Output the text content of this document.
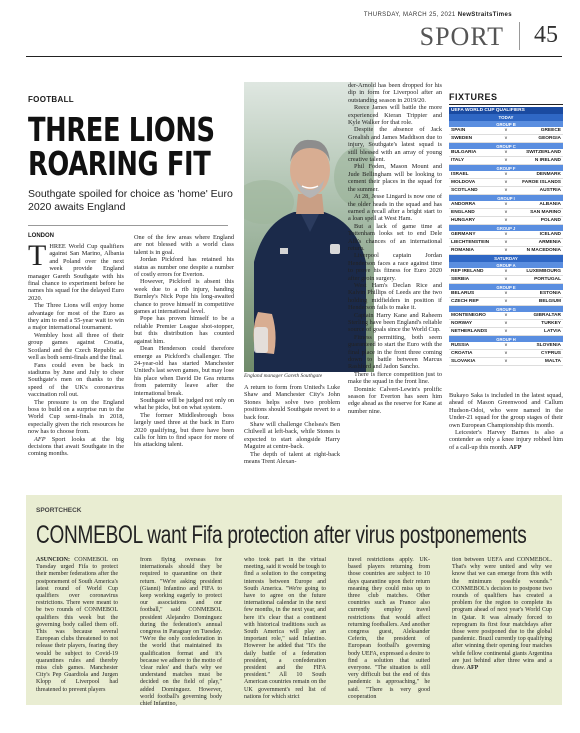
THURSDAY, MARCH 25, 2021 NewStraitsTimes
SPORT 45
FOOTBALL
THREE LIONS
ROARING FIT
Southgate spoiled for choice as 'home' Euro 2020 awaits England
LONDON
T HREE World Cup qualifiers against San Marino, Albania and Poland over the next week provide England manager Gareth Southgate with his final chance to experiment before he names his squad for the delayed Euro 2020.

The Three Lions will enjoy home advantage for most of the Euro as they aim to end a 55-year wait to win a major international tournament.

Wembley host all three of their group games against Croatia, Scotland and the Czech Republic as well as both semi-finals and the final.

Fans could even be back in stadiums by June and July to cheer Southgate's men on thanks to the speed of the UK's coronavirus vaccination roll out.

The pressure is on the England boss to build on a surprise run to the World Cup semi-finals in 2018, especially given the rich resources he now has to choose from.

AFP Sport looks at the big decisions that await Southgate in the coming months.

One of the few areas where England are not blessed with a world class talent is in goal.

Jordan Pickford has retained his status as number one despite a number of costly errors for Everton.

However, Pickford is absent this week due to a rib injury, handing Burnley's Nick Pope his long-awaited chance to prove himself in competitive games at international level.

Pope has proven himself to be a reliable Premier League shot-stopper, but this distribution has counted against him.

Dean Henderson could therefore emerge as Pickford's challenger. The 24-year-old has started Manchester United's last seven games, but may lose his place when David De Gea returns from paternity leave after the international break.

Southgate will be judged not only on what he picks, but on what system.

The former Middlesbrough boss largely used three at the back in Euro 2020 qualifying, but there have been calls for him to find space for more of his attacking talent.

England manager Gareth Southgate

A return to form from United's Luke Shaw and Manchester City's John Stones helps solve two problem positions should Southgate revert to a back four.

Shaw will challenge Chelsea's Ben Chilwell at left-back, while Stones is expected to start alongside Harry Maguire at centre-back.

The depth of talent at right-back means Trent Alexan-

der-Arnold has been dropped for his dip in form for Liverpool after an outstanding season in 2019/20.

Reece James will battle the more experienced Kieran Trippier and Kyle Walker for that role.

Despite the absence of Jack Grealish and James Maddison due to injury, Southgate's latest squad is still blessed with an array of young creative talent.

Phil Foden, Mason Mount and Jude Bellingham will be looking to cement their places in the squad for the summer.

At 28, Jesse Lingard is now one of the older heads in the squad and has earned a recall after a bright start to a loan spell at West Ham.

But a lack of game time at Tottenham looks set to end Dele Alli's chances of an international return.

Liverpool captain Jordan Henderson faces a race against time to prove his fitness for Euro 2020 after groin surgery.

West Ham's Declan Rice and Kalvin Phillips of Leeds are the two holding midfielders in position if Henderson fails to make it.

Captain Harry Kane and Raheem Sterling have been England's reliable source of goals since the World Cup.

Fitness permitting, both seem guaranteed to start the Euro with the final place in the front three coming down to battle between Marcus Rashford and Jadon Sancho.

There is fierce competition just to make the squad in the front line.

Dominic Calvert-Lewin's prolific season for Everton has seen him edge ahead as the reserve for Kane at number nine.

FIXTURES
UEFA WORLD CUP QUALIFIERS
TODAY
GROUP B
SPAIN	v	GREECE
SWEDEN	v	GEORGIA
GROUP C
BULGARIA	v	SWITZERLAND
ITALY	v	N IRELAND
GROUP F
ISRAEL	v	DENMARK
MOLDOVA	v	FAROE ISLANDS
SCOTLAND	v	AUSTRIA
GROUP I
ANDORRA	v	ALBANIA
ENGLAND	v	SAN MARINO
HUNGARY	v	POLAND
GROUP J
GERMANY	v	ICELAND
LIECHTENSTEIN	v	ARMENIA
ROMANIA	v	N MACEDONIA
SATURDAY
GROUP A
REP IRELAND	v	LUXEMBOURG
SERBIA	v	PORTUGAL
GROUP E
BELARUS	v	ESTONIA
CZECH REP	v	BELGIUM
GROUP G
MONTENEGRO	v	GIBRALTAR
NORWAY	v	TURKEY
NETHERLANDS	v	LATVIA
GROUP H
RUSSIA	v	SLOVENIA
CROATIA	v	CYPRUS
SLOVAKIA	v	MALTA

Bukayo Saka is included in the latest squad, ahead of Mason Greenwood and Callum Hudson-Odoi, who were named in the Under-21 squad for the group stages of their own European Championship this month.

Leicester's Harvey Barnes is also a contender as only a knee injury robbed him of a call-up this month. AFP

SPORTCHECK
CONMEBOL want Fifa protection after virus postponements
ASUNCION: CONMEBOL on Tuesday urged Fifa to protect their member federations after the postponement of South America's latest round of World Cup qualifiers over coronavirus restrictions. There were meant to be two rounds of CONMEBOL qualifiers this week but the governing body called them off. This was because several European clubs threatened to not release their players, fearing they would be subject to Covid-19 quarantines rules and thereby miss club games. Manchester City's Pep Guardiola and Jurgen Klopp of Liverpool had threatened to prevent players
from flying overseas for internationals should they be required to quarantine on their return. "We're asking president (Gianni) Infantino and FIFA to keep working eagerly to protect our associations and our football," said CONMEBOL president Alejandro Dominguez during the federation's annual congress in Paraguay on Tuesday. "We're the only confederation in the world that maintained its qualification format and it's because we adhere to the motto of 'clear rules' and that's why we understand matches must be decided on the field of play," added Dominguez. However, world football's governing body chief Infantino,
who took part in the virtual meeting, said it would be tough to find a solution to the competing interests between Europe and South America. "We're going to have to agree on the future international calendar in the next few months, in the next year, and here it's clear that a continent with historical traditions such as South America will play an important role," said Infantino. However he added that "It's the daily battle of a federation president, a confederation president and the FIFA president." All 10 South American countries remain on the UK government's red list of nations for which strict
travel restrictions apply. UK-based players returning from those countries are subject to 10 days quarantine upon their return meaning they could miss up to three club matches. Other countries such as France also currently employ travel restrictions that would affect returning footballers. And another congress guest, Aleksander Ceferin, the president of European football's governing body UEFA, expressed a desire to find a solution that suited everyone. "The situation is still very difficult but the end of this pandemic is approaching," he said. "There is very good cooperation
tion between UEFA and CONMEBOL. That's why were united and why we know that we can emerge from this with the minimum possible wounds." CONMEBOL's decision to postpone two rounds of qualifiers has created a problem for the region to complete its program ahead of next year's World Cup in Qatar. It was already forced to reprogram its first four matchdays after those were postponed due to the global pandemic. Brazil currently top qualifying after winning their opening four matches while fellow continental giants Argentina are just behind after three wins and a draw. AFP
